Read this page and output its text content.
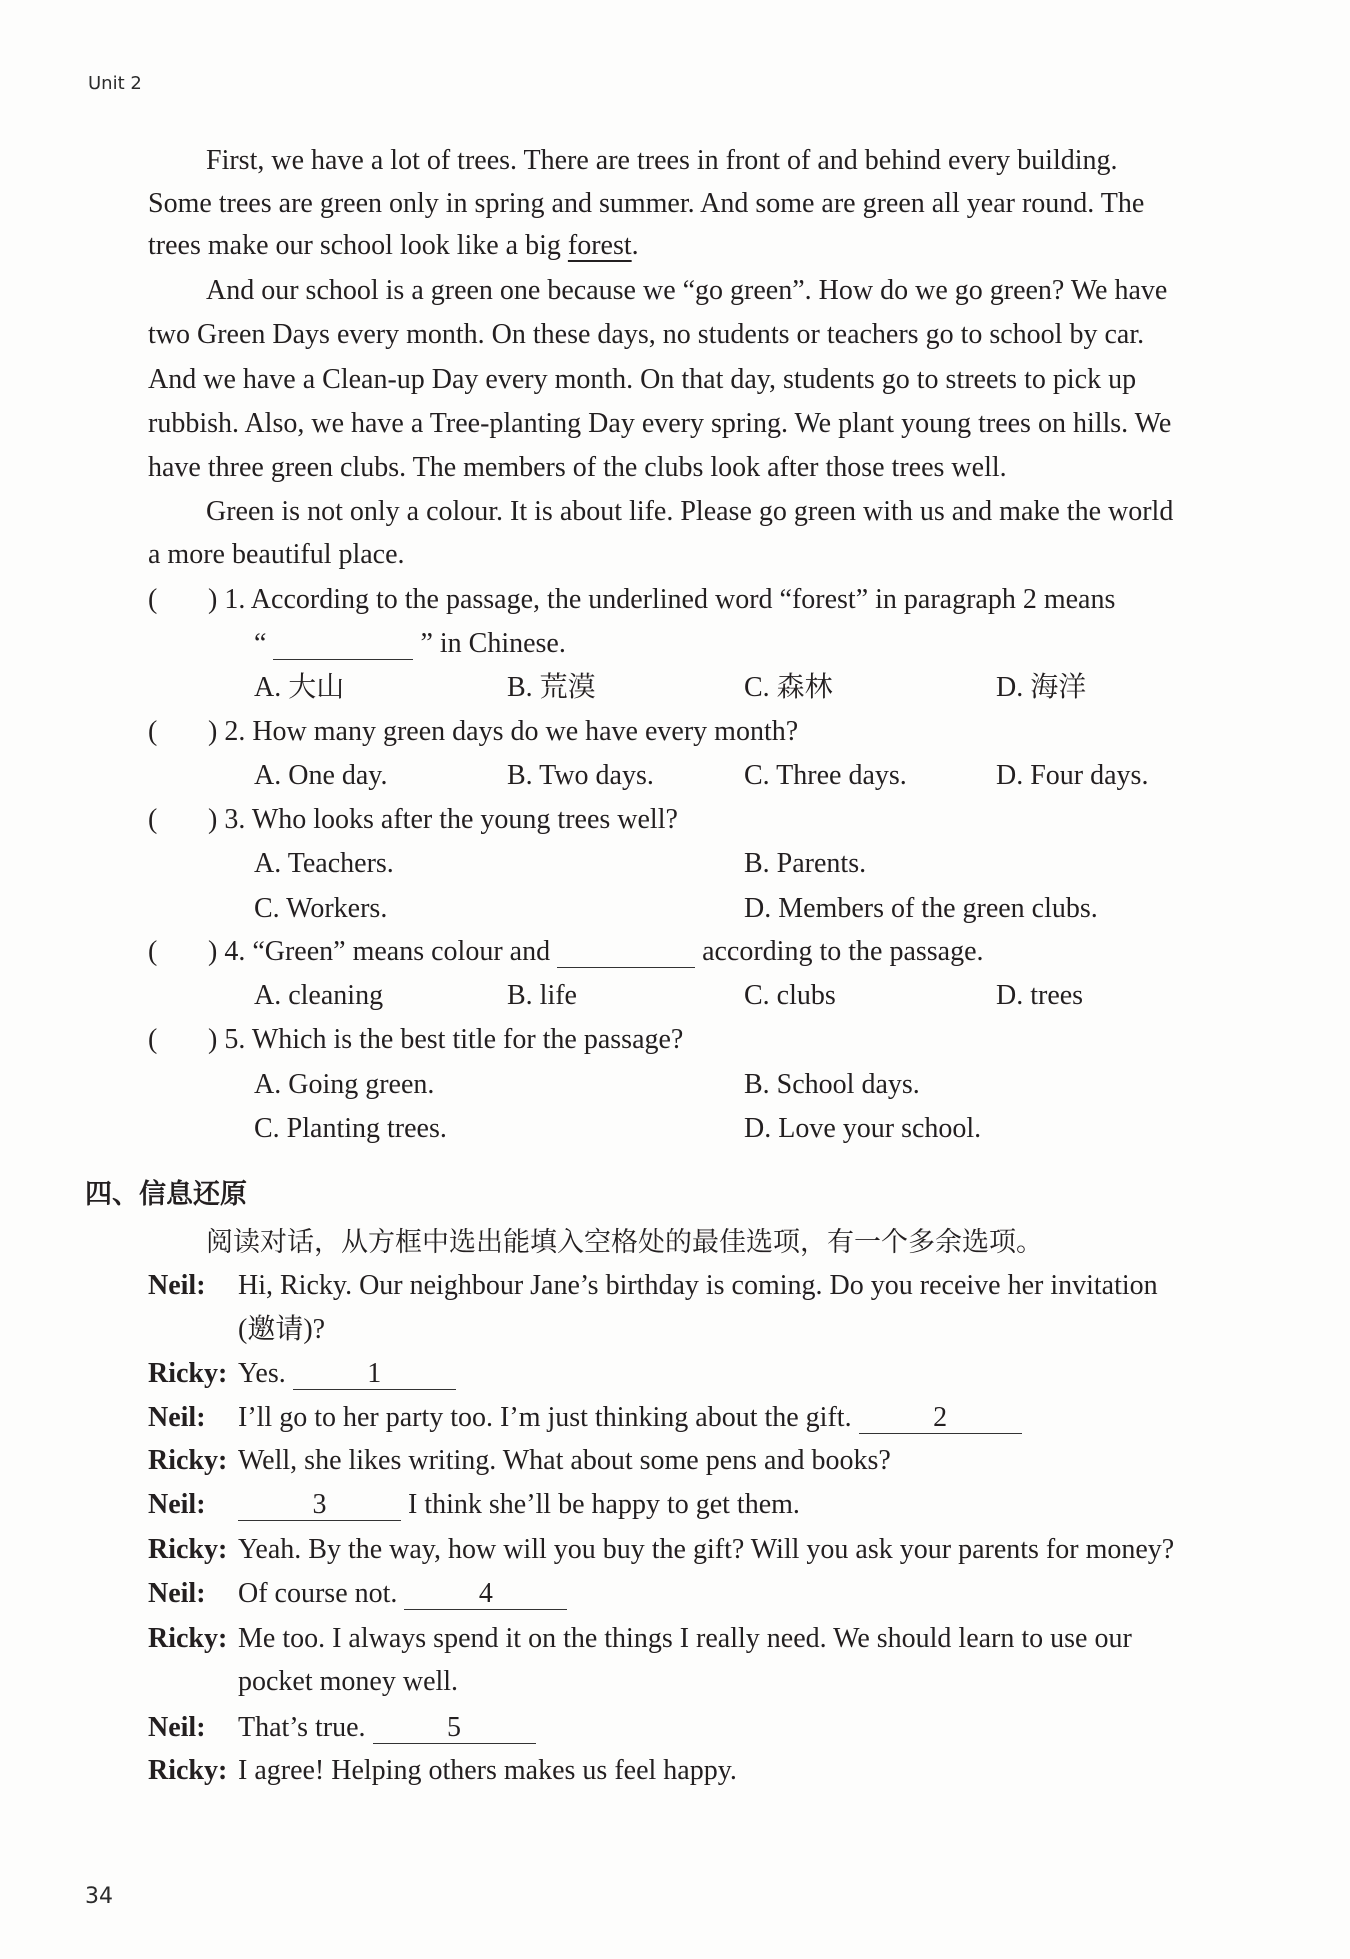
Unit 2
First, we have a lot of trees. There are trees in front of and behind every building.
Some trees are green only in spring and summer. And some are green all year round. The
trees make our school look like a big forest.
And our school is a green one because we “go green”. How do we go green? We have
two Green Days every month. On these days, no students or teachers go to school by car.
And we have a Clean-up Day every month. On that day, students go to streets to pick up
rubbish. Also, we have a Tree-planting Day every spring. We plant young trees on hills. We
have three green clubs. The members of the clubs look after those trees well.
Green is not only a colour. It is about life. Please go green with us and make the world
a more beautiful place.
( ) 1. According to the passage, the underlined word “forest” in paragraph 2 means
“ ​	” in Chinese.
A. 大山	B. 荒漠	C. 森林	D. 海洋
( ) 2. How many green days do we have every month?
A. One day.	B. Two days.	C. Three days.	D. Four days.
( ) 3. Who looks after the young trees well?
A. Teachers.	B. Parents.
C. Workers.	D. Members of the green clubs.
( ) 4. “Green” means colour and ​	according to the passage.
A. cleaning	B. life	C. clubs	D. trees
( ) 5. Which is the best title for the passage?
A. Going green.	B. School days.
C. Planting trees.	D. Love your school.
四、信息还原
阅读对话，从方框中选出能填入空格处的最佳选项，有一个多余选项。
Neil: Hi, Ricky. Our neighbour Jane’s birthday is coming. Do you receive her invitation
(邀请)?
Ricky: Yes.	​ 1
Neil: I’ll go to her party too. I’m just thinking about the gift.	​ 2
Ricky: Well, she likes writing. What about some pens and books?
Neil:	​ 3	I think she’ll be happy to get them.
Ricky: Yeah. By the way, how will you buy the gift? Will you ask your parents for money?
Neil: Of course not.	​ 4
Ricky: Me too. I always spend it on the things I really need. We should learn to use our
pocket money well.
Neil: That’s true.	​ 5
Ricky: I agree! Helping others makes us feel happy.
34
